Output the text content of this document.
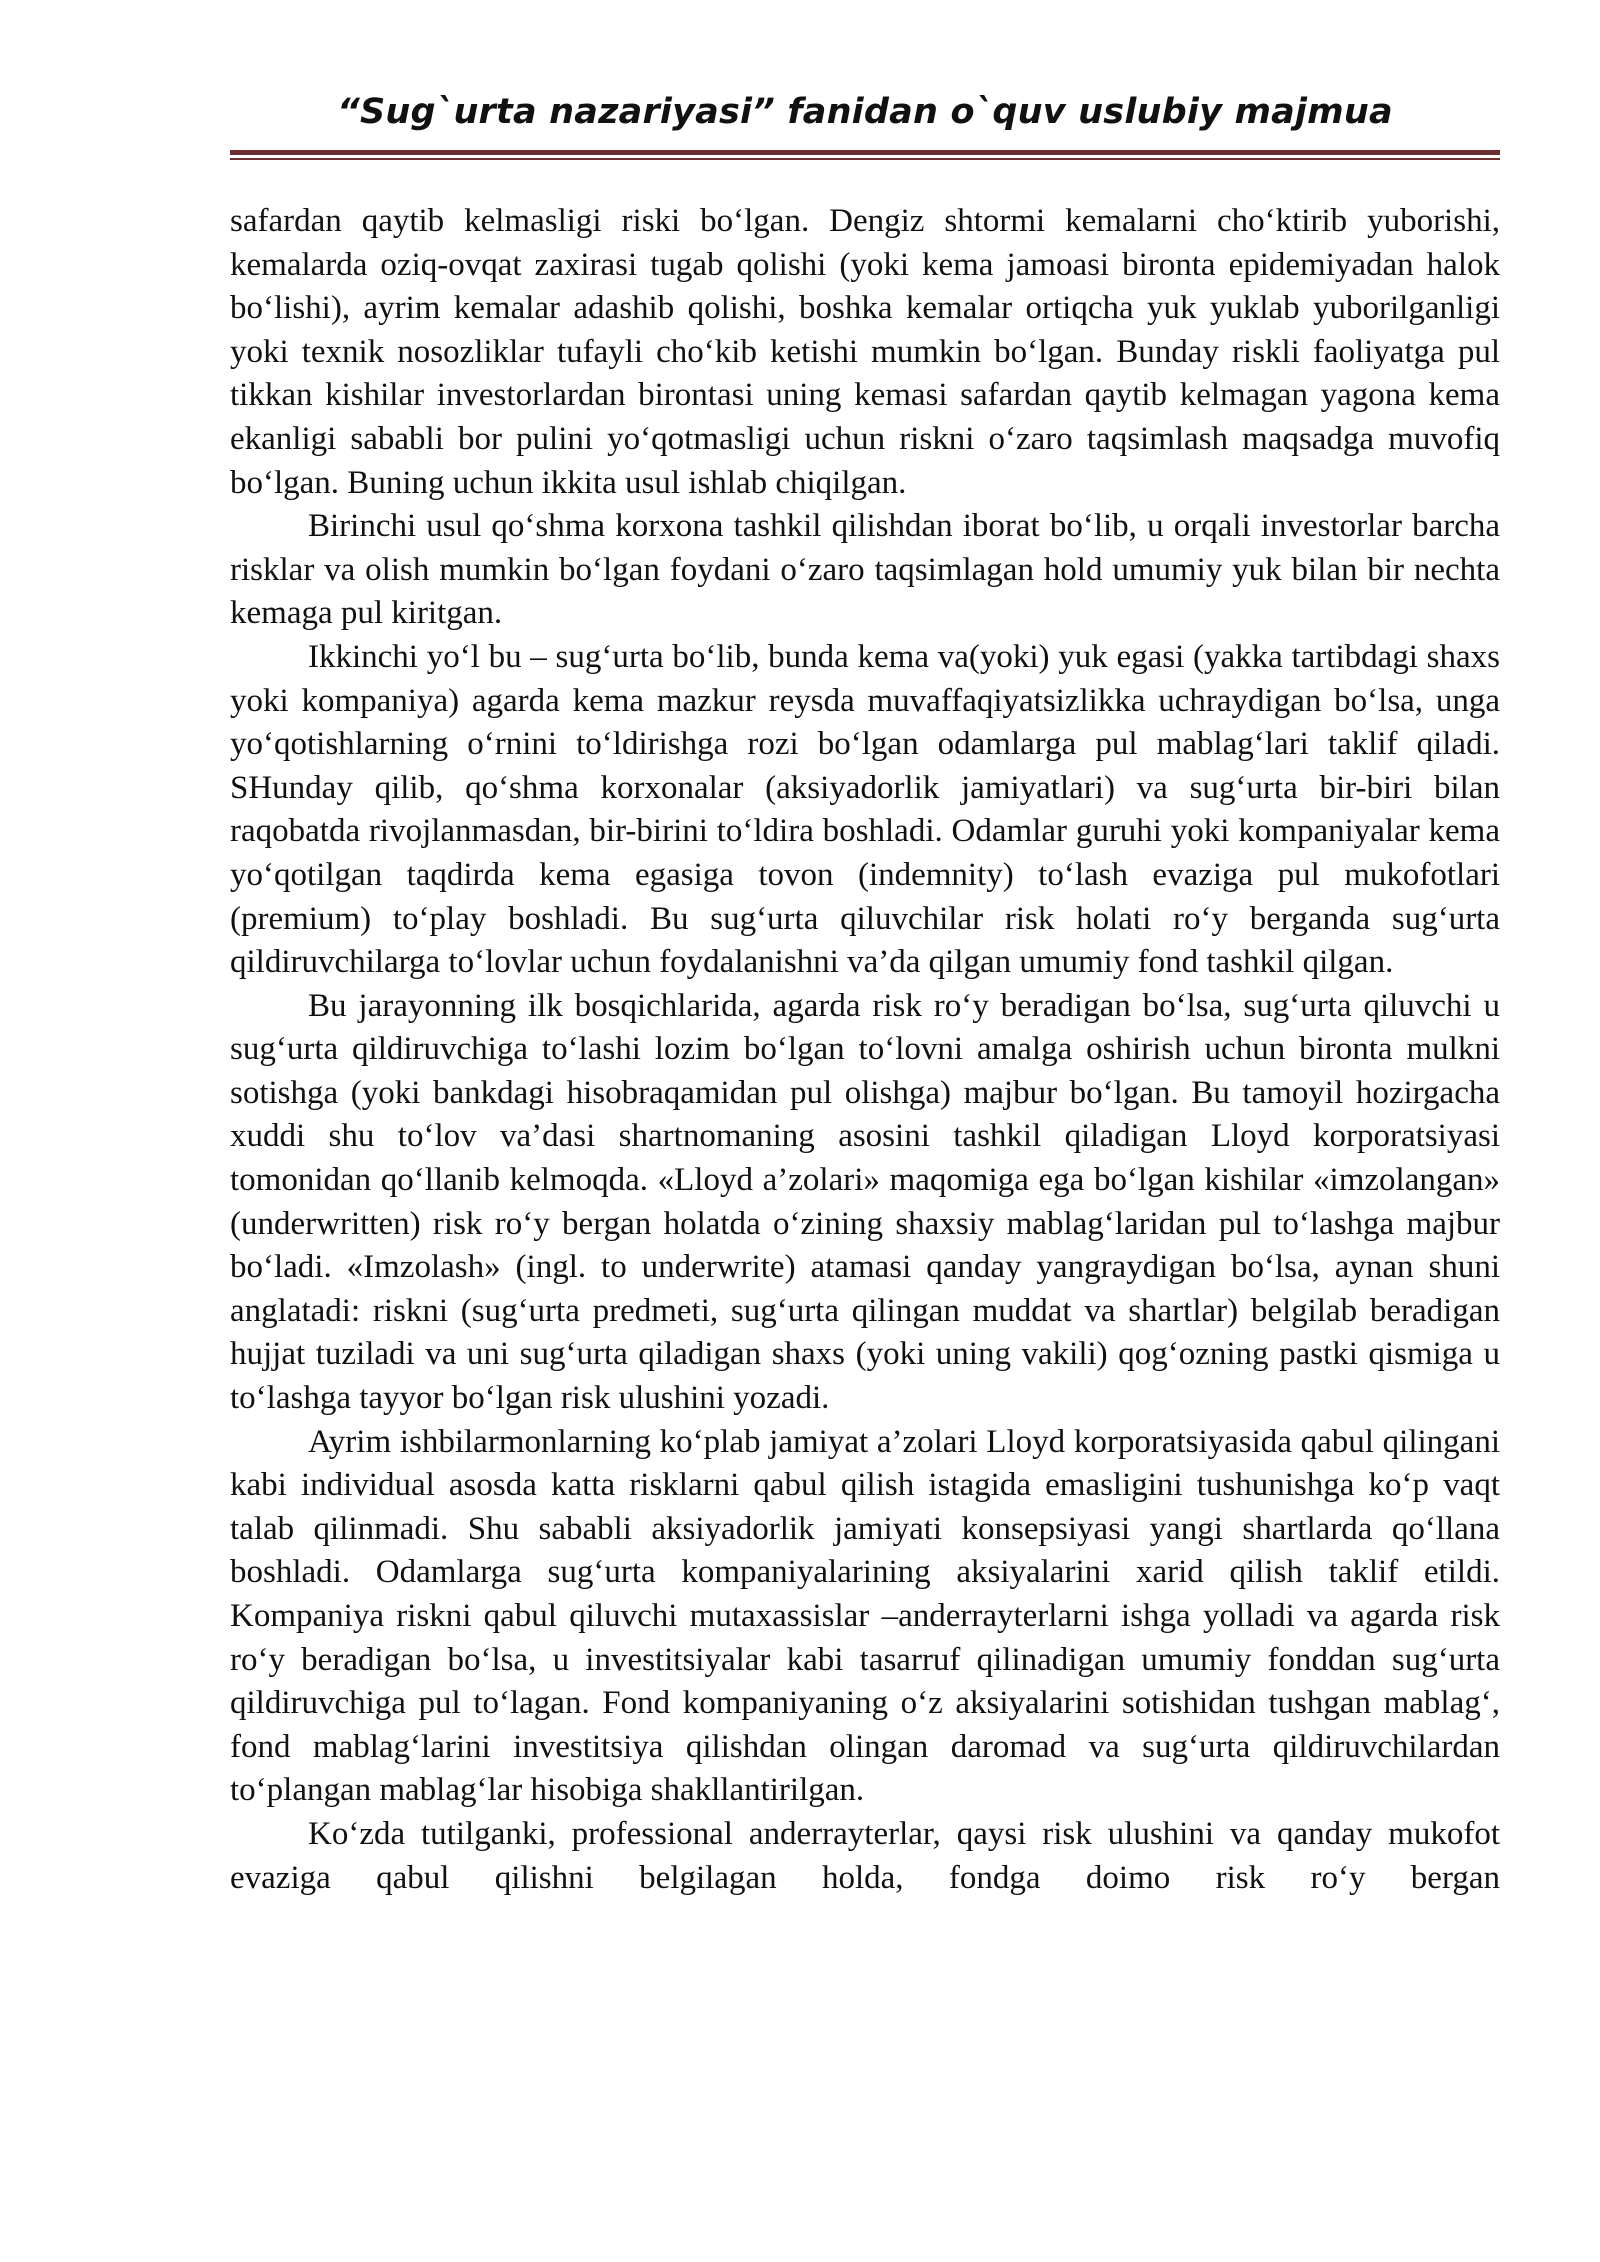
“Sug`urta nazariyasi” fanidan o`quv uslubiy majmua

safardan qaytib kelmasligi riski bo‘lgan. Dengiz shtormi kemalarni cho‘ktirib yuborishi, kemalarda oziq-ovqat zaxirasi tugab qolishi (yoki kema jamoasi bironta epidemiyadan halok bo‘lishi), ayrim kemalar adashib qolishi, boshka kemalar ortiqcha yuk yuklab yuborilganligi yoki texnik nosozliklar tufayli cho‘kib ketishi mumkin bo‘lgan. Bunday riskli faoliyatga pul tikkan kishilar investorlardan birontasi uning kemasi safardan qaytib kelmagan yagona kema ekanligi sababli bor pulini yo‘qotmasligi uchun riskni o‘zaro taqsimlash maqsadga muvofiq bo‘lgan. Buning uchun ikkita usul ishlab chiqilgan.

Birinchi usul qo‘shma korxona tashkil qilishdan iborat bo‘lib, u orqali investorlar barcha risklar va olish mumkin bo‘lgan foydani o‘zaro taqsimlagan hold umumiy yuk bilan bir nechta kemaga pul kiritgan.

Ikkinchi yo‘l bu – sug‘urta bo‘lib, bunda kema va(yoki) yuk egasi (yakka tartibdagi shaxs yoki kompaniya) agarda kema mazkur reysda muvaffaqiyatsizlikka uchraydigan bo‘lsa, unga yo‘qotishlarning o‘rnini to‘ldirishga rozi bo‘lgan odamlarga pul mablag‘lari taklif qiladi. SHunday qilib, qo‘shma korxonalar (aksiyadorlik jamiyatlari) va sug‘urta bir-biri bilan raqobatda rivojlanmasdan, bir-birini to‘ldira boshladi. Odamlar guruhi yoki kompaniyalar kema yo‘qotilgan taqdirda kema egasiga tovon (indemnity) to‘lash evaziga pul mukofotlari (premium) to‘play boshladi. Bu sug‘urta qiluvchilar risk holati ro‘y berganda sug‘urta qildiruvchilarga to‘lovlar uchun foydalanishni va’da qilgan umumiy fond tashkil qilgan.

Bu jarayonning ilk bosqichlarida, agarda risk ro‘y beradigan bo‘lsa, sug‘urta qiluvchi u sug‘urta qildiruvchiga to‘lashi lozim bo‘lgan to‘lovni amalga oshirish uchun bironta mulkni sotishga (yoki bankdagi hisobraqamidan pul olishga) majbur bo‘lgan. Bu tamoyil hozirgacha xuddi shu to‘lov va’dasi shartnomaning asosini tashkil qiladigan Lloyd korporatsiyasi tomonidan qo‘llanib kelmoqda. «Lloyd a’zolari» maqomiga ega bo‘lgan kishilar «imzolangan» (underwritten) risk ro‘y bergan holatda o‘zining shaxsiy mablag‘laridan pul to‘lashga majbur bo‘ladi. «Imzolash» (ingl. to underwrite) atamasi qanday yangraydigan bo‘lsa, aynan shuni anglatadi: riskni (sug‘urta predmeti, sug‘urta qilingan muddat va shartlar) belgilab beradigan hujjat tuziladi va uni sug‘urta qiladigan shaxs (yoki uning vakili) qog‘ozning pastki qismiga u to‘lashga tayyor bo‘lgan risk ulushini yozadi.

Ayrim ishbilarmonlarning ko‘plab jamiyat a’zolari Lloyd korporatsiyasida qabul qilingani kabi individual asosda katta risklarni qabul qilish istagida emasligini tushunishga ko‘p vaqt talab qilinmadi. Shu sababli aksiyadorlik jamiyati konsepsiyasi yangi shartlarda qo‘llana boshladi. Odamlarga sug‘urta kompaniyalarining aksiyalarini xarid qilish taklif etildi. Kompaniya riskni qabul qiluvchi mutaxassislar –anderrayterlarni ishga yolladi va agarda risk ro‘y beradigan bo‘lsa, u investitsiyalar kabi tasarruf qilinadigan umumiy fonddan sug‘urta qildiruvchiga pul to‘lagan. Fond kompaniyaning o‘z aksiyalarini sotishidan tushgan mablag‘, fond mablag‘larini investitsiya qilishdan olingan daromad va sug‘urta qildiruvchilardan to‘plangan mablag‘lar hisobiga shakllantirilgan.

Ko‘zda tutilganki, professional anderrayterlar, qaysi risk ulushini va qanday mukofot evaziga qabul qilishni belgilagan holda, fondga doimo risk ro‘y bergan
